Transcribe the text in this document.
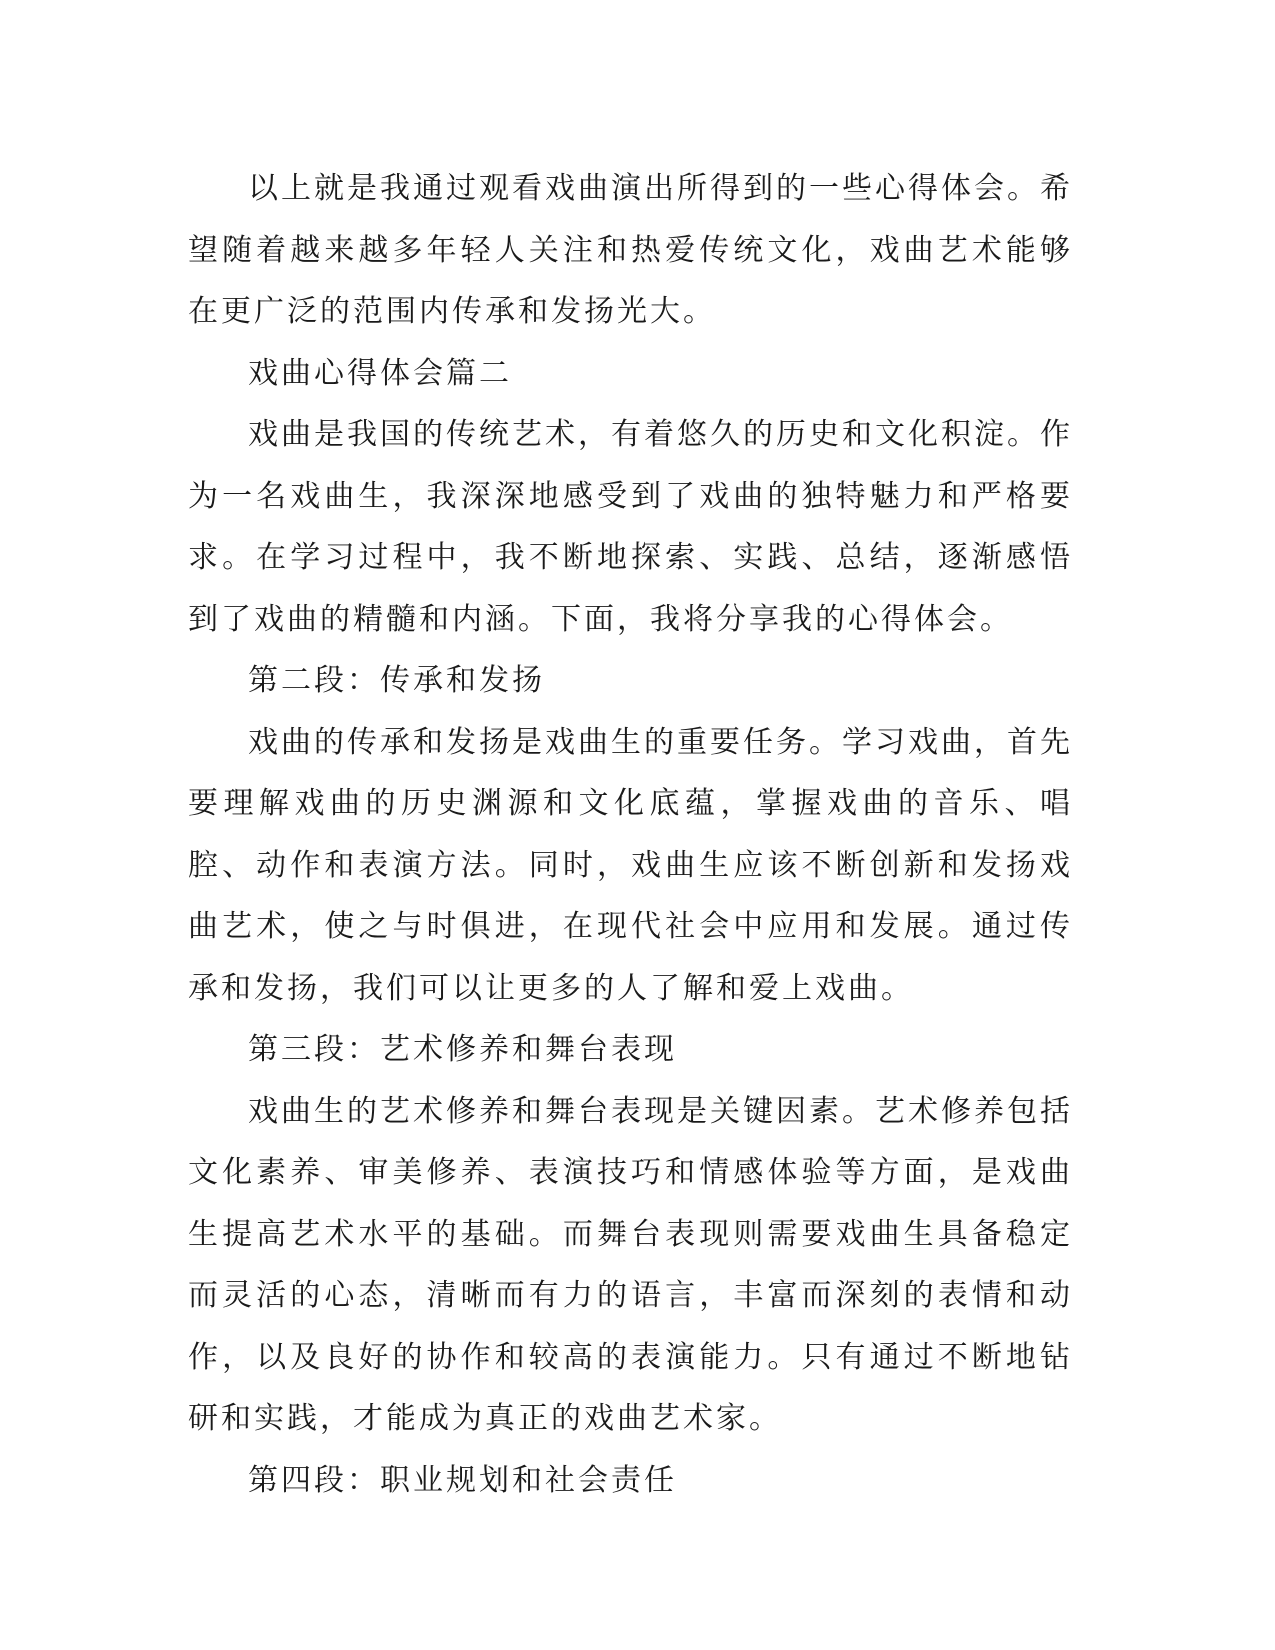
以上就是我通过观看戏曲演出所得到的一些心得体会。希望随着越来越多年轻人关注和热爱传统文化，戏曲艺术能够在更广泛的范围内传承和发扬光大。

戏曲心得体会篇二

戏曲是我国的传统艺术，有着悠久的历史和文化积淀。作为一名戏曲生，我深深地感受到了戏曲的独特魅力和严格要求。在学习过程中，我不断地探索、实践、总结，逐渐感悟到了戏曲的精髓和内涵。下面，我将分享我的心得体会。

第二段：传承和发扬

戏曲的传承和发扬是戏曲生的重要任务。学习戏曲，首先要理解戏曲的历史渊源和文化底蕴，掌握戏曲的音乐、唱腔、动作和表演方法。同时，戏曲生应该不断创新和发扬戏曲艺术，使之与时俱进，在现代社会中应用和发展。通过传承和发扬，我们可以让更多的人了解和爱上戏曲。

第三段：艺术修养和舞台表现

戏曲生的艺术修养和舞台表现是关键因素。艺术修养包括文化素养、审美修养、表演技巧和情感体验等方面，是戏曲生提高艺术水平的基础。而舞台表现则需要戏曲生具备稳定而灵活的心态，清晰而有力的语言，丰富而深刻的表情和动作，以及良好的协作和较高的表演能力。只有通过不断地钻研和实践，才能成为真正的戏曲艺术家。

第四段：职业规划和社会责任
